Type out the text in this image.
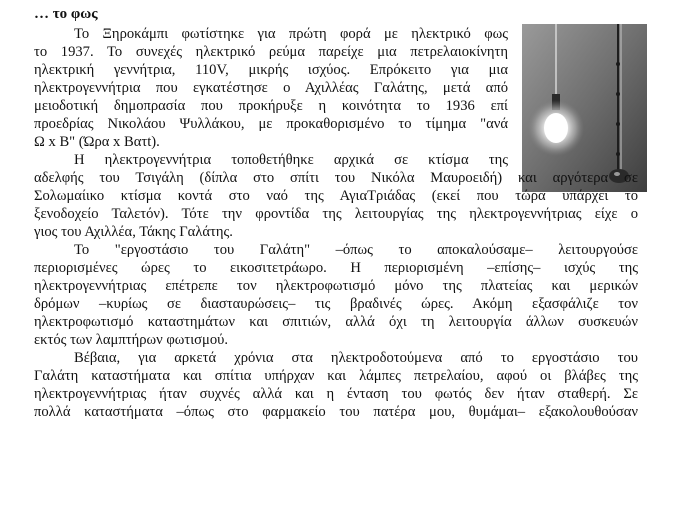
… το φως
Το Ξηροκάμπι φωτίστηκε για πρώτη φορά με ηλεκτρικό φως
το 1937. Το συνεχές ηλεκτρικό ρεύμα παρείχε μια πετρελαιοκίνητη
ηλεκτρική γεννήτρια, 110V, μικρής ισχύος. Επρόκειτο για μια
ηλεκτρογεννήτρια που εγκατέστησε ο Αχιλλέας Γαλάτης, μετά από
μειοδοτική δημοπρασία που προκήρυξε η κοινότητα το 1936 επί
προεδρίας Νικολάου Ψυλλάκου, με προκαθορισμένο το τίμημα "ανά
Ω x Β" (Ώρα x Βατt).
Η ηλεκτρογεννήτρια τοποθετήθηκε αρχικά σε κτίσμα της
αδελφής του Τσιγάλη (δίπλα στο σπίτι του Νικόλα Μαυροειδή) και αργότερα σε
Σολωμαίικο κτίσμα κοντά στο ναό της ΑγιαΤριάδας (εκεί που τώρα υπάρχει το
ξενοδοχείο Ταλετόν). Τότε την φροντίδα της λειτουργίας της ηλεκτρογεννήτριας είχε ο
γιος του Αχιλλέα, Τάκης Γαλάτης.
Το "εργοστάσιο του Γαλάτη" –όπως το αποκαλούσαμε– λειτουργούσε
περιορισμένες ώρες το εικοσιτετράωρο. Η περιορισμένη –επίσης– ισχύς της
ηλεκτρογεννήτριας επέτρεπε τον ηλεκτροφωτισμό μόνο της πλατείας και μερικών
δρόμων –κυρίως σε διασταυρώσεις– τις βραδινές ώρες. Ακόμη εξασφάλιζε τον
ηλεκτροφωτισμό καταστημάτων και σπιτιών, αλλά όχι τη λειτουργία άλλων συσκευών
εκτός των λαμπτήρων φωτισμού.
Βέβαια, για αρκετά χρόνια στα ηλεκτροδοτούμενα από το εργοστάσιο του
Γαλάτη καταστήματα και σπίτια υπήρχαν και λάμπες πετρελαίου, αφού οι βλάβες της
ηλεκτρογεννήτριας ήταν συχνές αλλά και η ένταση του φωτός δεν ήταν σταθερή. Σε
πολλά καταστήματα –όπως στο φαρμακείο του πατέρα μου, θυμάμαι– εξακολουθούσαν
